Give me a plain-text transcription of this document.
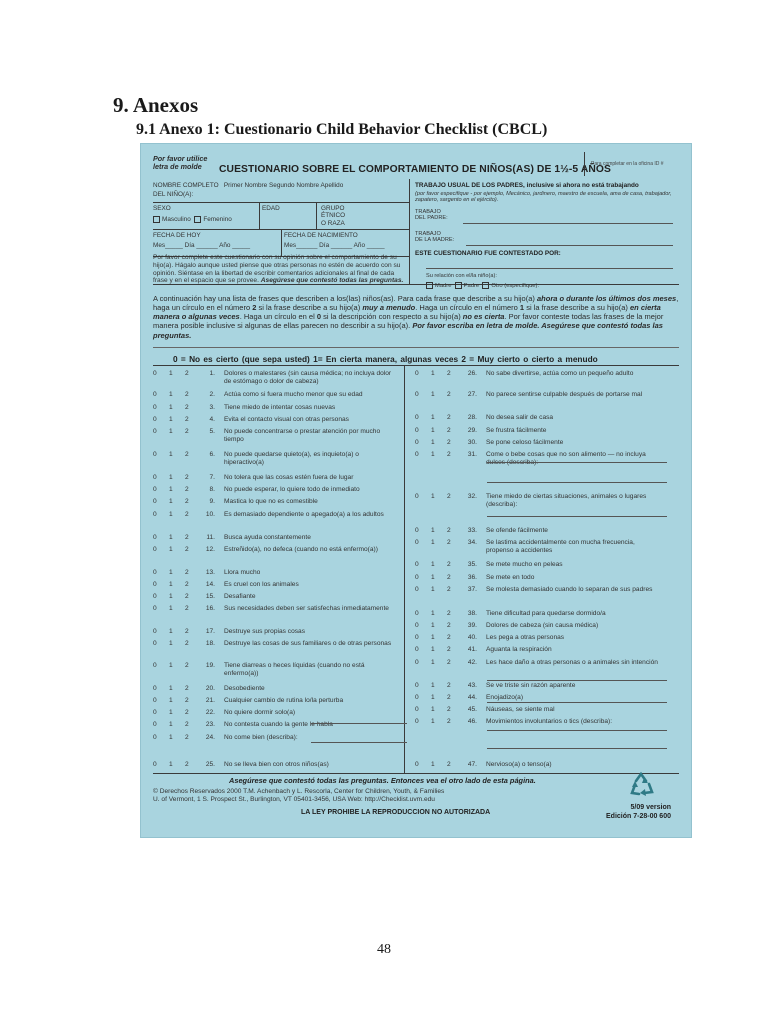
9. Anexos
9.1 Anexo 1: Cuestionario Child Behavior Checklist (CBCL)
Por favor utilice
letra de molde	CUESTIONARIO SOBRE EL COMPORTAMIENTO DE NIÑOS(AS) DE 1½-5 AÑOS
Para completar en la oficina ID #
NOMBRE COMPLETO Primer Nombre Segundo Nombre Apellido
DEL NIÑO(A):
SEXO
Masculino Femenino
EDAD	GRUPO
ÉTNICO
O RAZA
FECHA DE HOY
Mes_____ Día ______ Año _____
FECHA DE NACIMIENTO
Mes______ Día ______ Año _____
TRABAJO USUAL DE LOS PADRES, inclusive si ahora no está trabajando
(por favor especifique - por ejemplo, Mecánico, jardinero, maestro de escuela, ama de casa, trabajador, zapatero, sargento en el ejército).
TRABAJO
DEL PADRE:
TRABAJO
DE LA MADRE:
ESTE CUESTIONARIO FUE CONTESTADO POR:
Su relación con el/la niño(a):
Madre Padre Otro (especifique):
Por favor complete este cuestionario con su opinión sobre el comportamiento de su hijo(a). Hágalo aunque usted piense que otras personas no estén de acuerdo con su opinión. Siéntase en la libertad de escribir comentarios adicionales al final de cada frase y en el espacio que se provee. Asegúrese que contestó todas las preguntas.
A continuación hay una lista de frases que describen a los(las) niños(as). Para cada frase que describe a su hijo(a) ahora o durante los últimos dos meses, haga un círculo en el número 2 si la frase describe a su hijo(a) muy a menudo. Haga un círculo en el número 1 si la frase describe a su hijo(a) en cierta manera o algunas veces. Haga un círculo en el 0 si la descripción con respecto a su hijo(a) no es cierta. Por favor conteste todas las frases de la mejor manera posible inclusive si algunas de ellas parecen no describir a su hijo(a). Por favor escriba en letra de molde. Asegúrese que contestó todas las preguntas.
0 = No es cierto (que sepa usted) 1= En cierta manera, algunas veces 2 = Muy cierto o cierto a menudo
0 1 2	1. Dolores o malestares (sin causa médica; no incluya dolor de estómago o dolor de cabeza)
0 1 2	2. Actúa como si fuera mucho menor que su edad
0 1 2	3. Tiene miedo de intentar cosas nuevas
0 1 2	4. Evita el contacto visual con otras personas
0 1 2	5. No puede concentrarse o prestar atención por mucho tiempo
0 1 2	6. No puede quedarse quieto(a), es inquieto(a) o hiperactivo(a)
0 1 2	7. No tolera que las cosas estén fuera de lugar
0 1 2	8. No puede esperar, lo quiere todo de inmediato
0 1 2	9. Mastica lo que no es comestible
0 1 2	10. Es demasiado dependiente o apegado(a) a los adultos
0 1 2	11. Busca ayuda constantemente
0 1 2	12. Estreñido(a), no defeca (cuando no está enfermo(a))
0 1 2	13. Llora mucho
0 1 2	14. Es cruel con los animales
0 1 2	15. Desafiante
0 1 2	16. Sus necesidades deben ser satisfechas inmediatamente
0 1 2	17. Destruye sus propias cosas
0 1 2	18. Destruye las cosas de sus familiares o de otras personas
0 1 2	19. Tiene diarreas o heces líquidas (cuando no está enfermo(a))
0 1 2	20. Desobediente
0 1 2	21. Cualquier cambio de rutina lo/la perturba
0 1 2	22. No quiere dormir solo(a)
0 1 2	23. No contesta cuando la gente le habla
0 1 2	24. No come bien (describa):
0 1 2	25. No se lleva bien con otros niños(as)
0 1 2	26. No sabe divertirse, actúa como un pequeño adulto
0 1 2	27. No parece sentirse culpable después de portarse mal
0 1 2	28. No desea salir de casa
0 1 2	29. Se frustra fácilmente
0 1 2	30. Se pone celoso fácilmente
0 1 2	31. Come o bebe cosas que no son alimento — no incluya dulces (describa):
0 1 2	32. Tiene miedo de ciertas situaciones, animales o lugares (describa):
0 1 2	33. Se ofende fácilmente
0 1 2	34. Se lastima accidentalmente con mucha frecuencia, propenso a accidentes
0 1 2	35. Se mete mucho en peleas
0 1 2	36. Se mete en todo
0 1 2	37. Se molesta demasiado cuando lo separan de sus padres
0 1 2	38. Tiene dificultad para quedarse dormido/a
0 1 2	39. Dolores de cabeza (sin causa médica)
0 1 2	40. Les pega a otras personas
0 1 2	41. Aguanta la respiración
0 1 2	42. Les hace daño a otras personas o a animales sin intención
0 1 2	43. Se ve triste sin razón aparente
0 1 2	44. Enojadizo(a)
0 1 2	45. Náuseas, se siente mal
0 1 2	46. Movimientos involuntarios o tics (describa):
0 1 2	47. Nervioso(a) o tenso(a)
Asegúrese que contestó todas las preguntas. Entonces vea el otro lado de esta página.
© Derechos Reservados 2000 T.M. Achenbach y L. Rescorla, Center for Children, Youth, & Families
U. of Vermont, 1 S. Prospect St., Burlington, VT 05401-3456, USA Web: http://Checklist.uvm.edu
LA LEY PROHIBE LA REPRODUCCION NO AUTORIZADA
5/09 version
Edición 7-28-00 600
48
